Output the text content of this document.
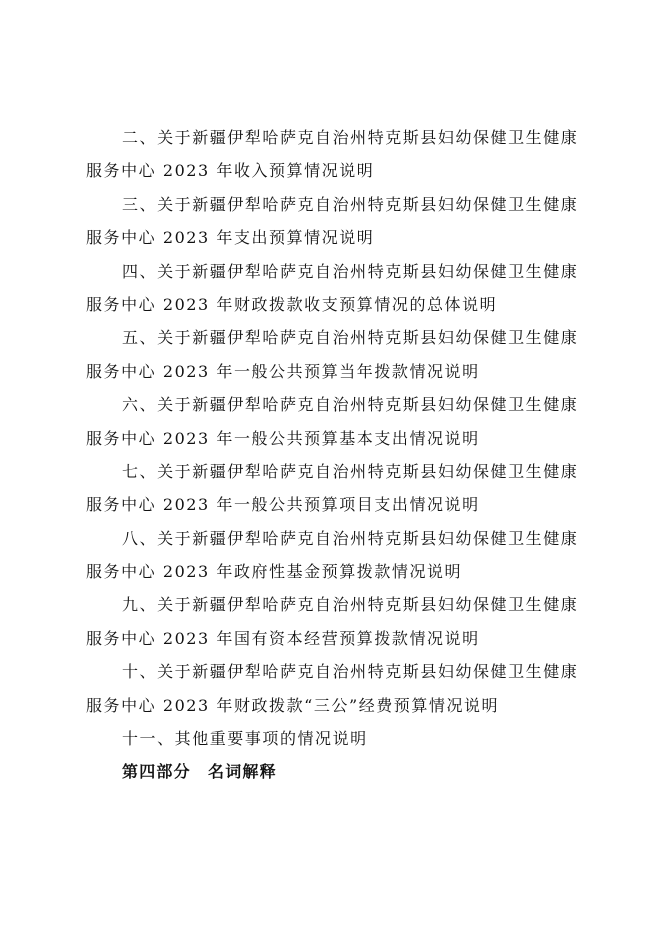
二、关于新疆伊犁哈萨克自治州特克斯县妇幼保健卫生健康
服务中心 2023 年收入预算情况说明
三、关于新疆伊犁哈萨克自治州特克斯县妇幼保健卫生健康
服务中心 2023 年支出预算情况说明
四、关于新疆伊犁哈萨克自治州特克斯县妇幼保健卫生健康
服务中心 2023 年财政拨款收支预算情况的总体说明
五、关于新疆伊犁哈萨克自治州特克斯县妇幼保健卫生健康
服务中心 2023 年一般公共预算当年拨款情况说明
六、关于新疆伊犁哈萨克自治州特克斯县妇幼保健卫生健康
服务中心 2023 年一般公共预算基本支出情况说明
七、关于新疆伊犁哈萨克自治州特克斯县妇幼保健卫生健康
服务中心 2023 年一般公共预算项目支出情况说明
八、关于新疆伊犁哈萨克自治州特克斯县妇幼保健卫生健康
服务中心 2023 年政府性基金预算拨款情况说明
九、关于新疆伊犁哈萨克自治州特克斯县妇幼保健卫生健康
服务中心 2023 年国有资本经营预算拨款情况说明
十、关于新疆伊犁哈萨克自治州特克斯县妇幼保健卫生健康
服务中心 2023 年财政拨款“三公”经费预算情况说明
十一、其他重要事项的情况说明
第四部分　名词解释
